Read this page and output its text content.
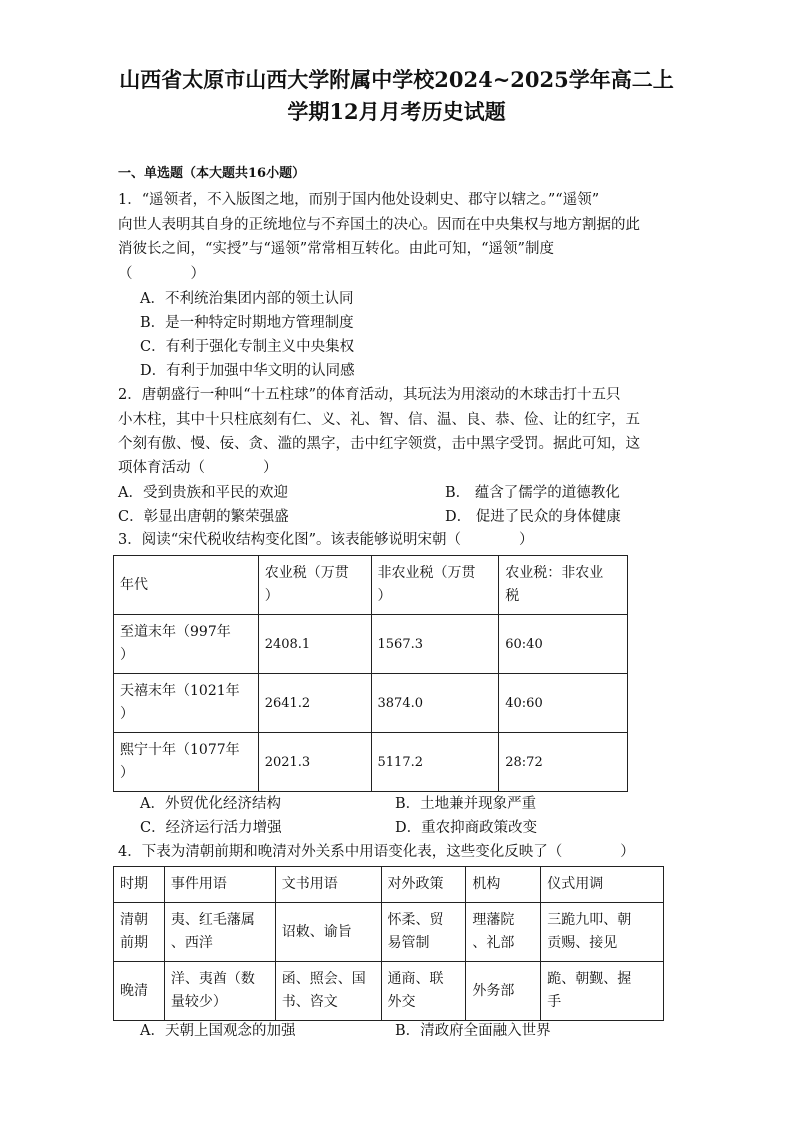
山西省太原市山西大学附属中学校2024~2025学年高二上
学期12月月考历史试题
一、单选题（本大题共16小题）
1．“遥领者，不入版图之地，而别于国内他处设刺史、郡守以辖之。”“遥领”
向世人表明其自身的正统地位与不弃国土的决心。因而在中央集权与地方割据的此
消彼长之间，“实授”与“遥领”常常相互转化。由此可知，“遥领”制度
（　　　　）
A．不利统治集团内部的领土认同
B．是一种特定时期地方管理制度
C．有利于强化专制主义中央集权
D．有利于加强中华文明的认同感
2．唐朝盛行一种叫“十五柱球”的体育活动，其玩法为用滚动的木球击打十五只
小木柱，其中十只柱底刻有仁、义、礼、智、信、温、良、恭、俭、让的红字，五
个刻有傲、慢、佞、贪、滥的黑字，击中红字领赏，击中黑字受罚。据此可知，这
项体育活动（　　　　）
A．受到贵族和平民的欢迎	B． 蕴含了儒学的道德教化
C．彰显出唐朝的繁荣强盛	D． 促进了民众的身体健康
3．阅读“宋代税收结构变化图”。该表能够说明宋朝（　　　　）
年代	农业税（万贯
）	非农业税（万贯
）	农业税：非农业
税
至道末年（997年
）	2408.1	1567.3	60:40
天禧末年（1021年
）	2641.2	3874.0	40:60
熙宁十年（1077年
）	2021.3	5117.2	28:72
A．外贸优化经济结构	B．土地兼并现象严重
C．经济运行活力增强	D．重农抑商政策改变
4．下表为清朝前期和晚清对外关系中用语变化表，这些变化反映了（　　　　）
时期	事件用语	文书用语	对外政策	机构	仪式用调
清朝
前期	夷、红毛藩属
、西洋	诏敕、谕旨	怀柔、贸
易管制	理藩院
、礼部	三跪九叩、朝
贡赐、接见
晚清	洋、夷酋（数
量较少）	函、照会、国
书、咨文	通商、联
外交	外务部	跪、朝觐、握
手
A．天朝上国观念的加强	B．清政府全面融入世界
